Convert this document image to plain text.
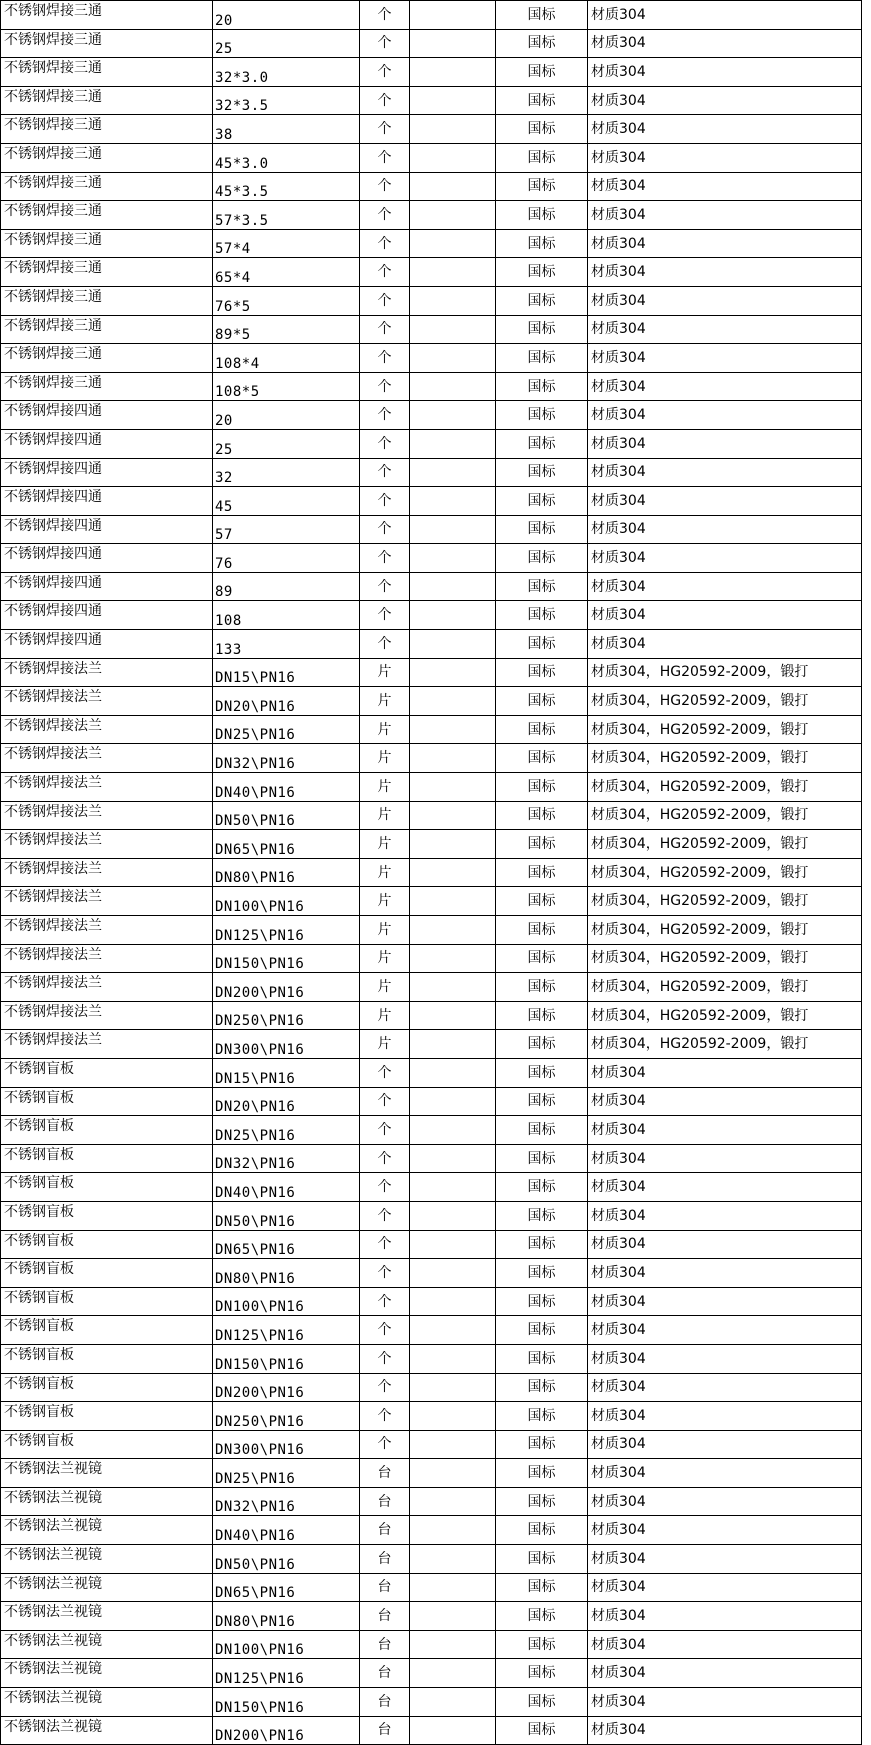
不锈钢焊接三通	20	个		国标	材质304
不锈钢焊接三通	25	个		国标	材质304
不锈钢焊接三通	32*3.0	个		国标	材质304
不锈钢焊接三通	32*3.5	个		国标	材质304
不锈钢焊接三通	38	个		国标	材质304
不锈钢焊接三通	45*3.0	个		国标	材质304
不锈钢焊接三通	45*3.5	个		国标	材质304
不锈钢焊接三通	57*3.5	个		国标	材质304
不锈钢焊接三通	57*4	个		国标	材质304
不锈钢焊接三通	65*4	个		国标	材质304
不锈钢焊接三通	76*5	个		国标	材质304
不锈钢焊接三通	89*5	个		国标	材质304
不锈钢焊接三通	108*4	个		国标	材质304
不锈钢焊接三通	108*5	个		国标	材质304
不锈钢焊接四通	20	个		国标	材质304
不锈钢焊接四通	25	个		国标	材质304
不锈钢焊接四通	32	个		国标	材质304
不锈钢焊接四通	45	个		国标	材质304
不锈钢焊接四通	57	个		国标	材质304
不锈钢焊接四通	76	个		国标	材质304
不锈钢焊接四通	89	个		国标	材质304
不锈钢焊接四通	108	个		国标	材质304
不锈钢焊接四通	133	个		国标	材质304
不锈钢焊接法兰	DN15\PN16	片		国标	材质304，HG20592-2009，锻打
不锈钢焊接法兰	DN20\PN16	片		国标	材质304，HG20592-2009，锻打
不锈钢焊接法兰	DN25\PN16	片		国标	材质304，HG20592-2009，锻打
不锈钢焊接法兰	DN32\PN16	片		国标	材质304，HG20592-2009，锻打
不锈钢焊接法兰	DN40\PN16	片		国标	材质304，HG20592-2009，锻打
不锈钢焊接法兰	DN50\PN16	片		国标	材质304，HG20592-2009，锻打
不锈钢焊接法兰	DN65\PN16	片		国标	材质304，HG20592-2009，锻打
不锈钢焊接法兰	DN80\PN16	片		国标	材质304，HG20592-2009，锻打
不锈钢焊接法兰	DN100\PN16	片		国标	材质304，HG20592-2009，锻打
不锈钢焊接法兰	DN125\PN16	片		国标	材质304，HG20592-2009，锻打
不锈钢焊接法兰	DN150\PN16	片		国标	材质304，HG20592-2009，锻打
不锈钢焊接法兰	DN200\PN16	片		国标	材质304，HG20592-2009，锻打
不锈钢焊接法兰	DN250\PN16	片		国标	材质304，HG20592-2009，锻打
不锈钢焊接法兰	DN300\PN16	片		国标	材质304，HG20592-2009，锻打
不锈钢盲板	DN15\PN16	个		国标	材质304
不锈钢盲板	DN20\PN16	个		国标	材质304
不锈钢盲板	DN25\PN16	个		国标	材质304
不锈钢盲板	DN32\PN16	个		国标	材质304
不锈钢盲板	DN40\PN16	个		国标	材质304
不锈钢盲板	DN50\PN16	个		国标	材质304
不锈钢盲板	DN65\PN16	个		国标	材质304
不锈钢盲板	DN80\PN16	个		国标	材质304
不锈钢盲板	DN100\PN16	个		国标	材质304
不锈钢盲板	DN125\PN16	个		国标	材质304
不锈钢盲板	DN150\PN16	个		国标	材质304
不锈钢盲板	DN200\PN16	个		国标	材质304
不锈钢盲板	DN250\PN16	个		国标	材质304
不锈钢盲板	DN300\PN16	个		国标	材质304
不锈钢法兰视镜	DN25\PN16	台		国标	材质304
不锈钢法兰视镜	DN32\PN16	台		国标	材质304
不锈钢法兰视镜	DN40\PN16	台		国标	材质304
不锈钢法兰视镜	DN50\PN16	台		国标	材质304
不锈钢法兰视镜	DN65\PN16	台		国标	材质304
不锈钢法兰视镜	DN80\PN16	台		国标	材质304
不锈钢法兰视镜	DN100\PN16	台		国标	材质304
不锈钢法兰视镜	DN125\PN16	台		国标	材质304
不锈钢法兰视镜	DN150\PN16	台		国标	材质304
不锈钢法兰视镜	DN200\PN16	台		国标	材质304
